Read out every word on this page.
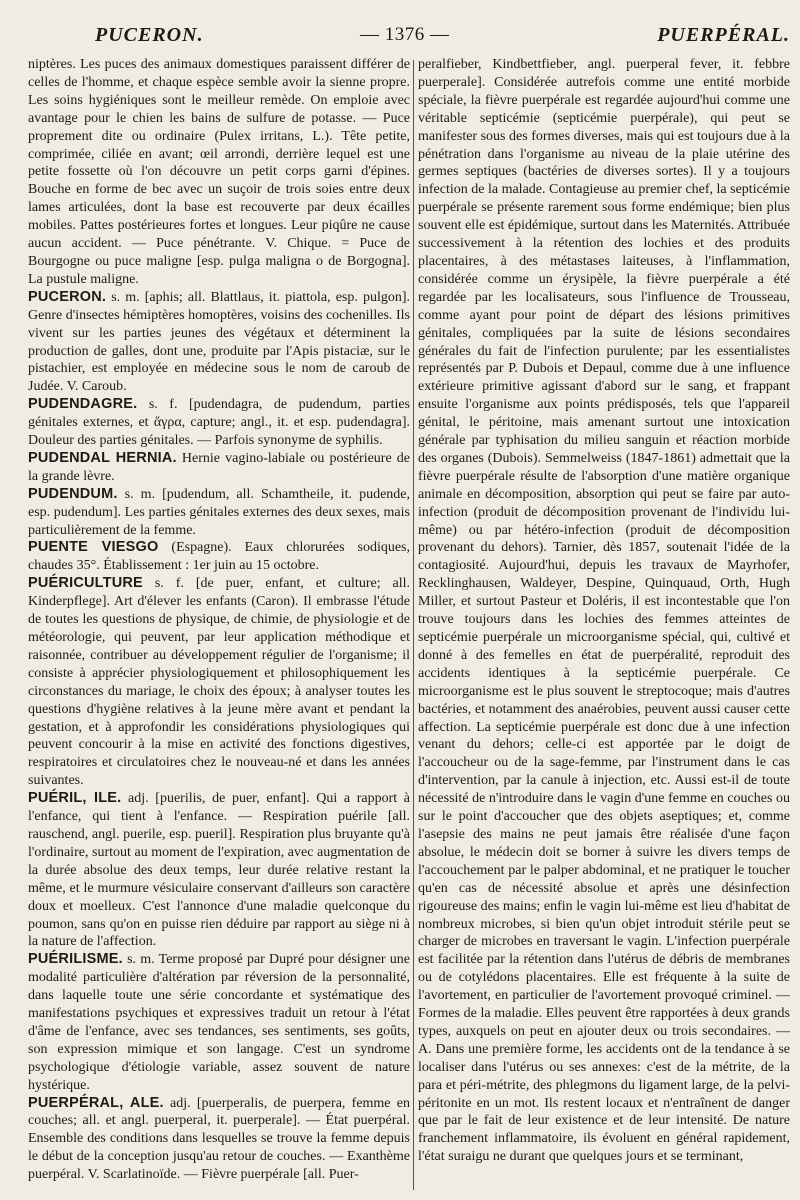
PUCERON.	— 1376 —	PUERPÉRAL.

niptères. Les puces des animaux domestiques paraissent différer de celles de l'homme, et chaque espèce semble avoir la sienne propre. Les soins hygiéniques sont le meilleur remède. On emploie avec avantage pour le chien les bains de sulfure de potasse. — Puce proprement dite ou ordinaire (Pulex irritans, L.). Tête petite, comprimée, ciliée en avant; œil arrondi, derrière lequel est une petite fossette où l'on découvre un petit corps garni d'épines. Bouche en forme de bec avec un suçoir de trois soies entre deux lames articulées, dont la base est recouverte par deux écailles mobiles. Pattes postérieures fortes et longues. Leur piqûre ne cause aucun accident. — Puce pénétrante. V. Chique. = Puce de Bourgogne ou puce maligne [esp. pulga maligna o de Borgogna]. La pustule maligne.

PUCERON. s. m. [aphis; all. Blattlaus, it. piattola, esp. pulgon]. Genre d'insectes hémiptères homoptères, voisins des cochenilles. Ils vivent sur les parties jeunes des végétaux et déterminent la production de galles, dont une, produite par l'Apis pistaciæ, sur le pistachier, est employée en médecine sous le nom de caroub de Judée. V. Caroub.

PUDENDAGRE. s. f. [pudendagra, de pudendum, parties génitales externes, et ἄγρα, capture; angl., it. et esp. pudendagra]. Douleur des parties génitales. — Parfois synonyme de syphilis.

PUDENDAL HERNIA. Hernie vagino-labiale ou postérieure de la grande lèvre.

PUDENDUM. s. m. [pudendum, all. Schamtheile, it. pudende, esp. pudendum]. Les parties génitales externes des deux sexes, mais particulièrement de la femme.

PUENTE VIESGO (Espagne). Eaux chlorurées sodiques, chaudes 35°. Établissement : 1er juin au 15 octobre.

PUÉRICULTURE s. f. [de puer, enfant, et culture; all. Kinderpflege]. Art d'élever les enfants (Caron). Il embrasse l'étude de toutes les questions de physique, de chimie, de physiologie et de météorologie, qui peuvent, par leur application méthodique et raisonnée, contribuer au développement régulier de l'organisme; il consiste à apprécier physiologiquement et philosophiquement les circonstances du mariage, le choix des époux; à analyser toutes les questions d'hygiène relatives à la jeune mère avant et pendant la gestation, et à approfondir les considérations physiologiques qui peuvent concourir à la mise en activité des fonctions digestives, respiratoires et circulatoires chez le nouveau-né et dans les années suivantes.

PUÉRIL, ILE. adj. [puerilis, de puer, enfant]. Qui a rapport à l'enfance, qui tient à l'enfance. — Respiration puérile [all. rauschend, angl. puerile, esp. pueril]. Respiration plus bruyante qu'à l'ordinaire, surtout au moment de l'expiration, avec augmentation de la durée absolue des deux temps, leur durée relative restant la même, et le murmure vésiculaire conservant d'ailleurs son caractère doux et moelleux. C'est l'annonce d'une maladie quelconque du poumon, sans qu'on en puisse rien déduire par rapport au siège ni à la nature de l'affection.

PUÉRILISME. s. m. Terme proposé par Dupré pour désigner une modalité particulière d'altération par réversion de la personnalité, dans laquelle toute une série concordante et systématique des manifestations psychiques et expressives traduit un retour à l'état d'âme de l'enfance, avec ses tendances, ses sentiments, ses goûts, son expression mimique et son langage. C'est un syndrome psychologique d'étiologie variable, assez souvent de nature hystérique.

PUERPÉRAL, ALE. adj. [puerperalis, de puerpera, femme en couches; all. et angl. puerperal, it. puerperale]. — État puerpéral. Ensemble des conditions dans lesquelles se trouve la femme depuis le début de la conception jusqu'au retour de couches. — Exanthème puerpéral. V. Scarlatinoïde. — Fièvre puerpérale [all. Puer-

peralfieber, Kindbettfieber, angl. puerperal fever, it. febbre puerperale]. Considérée autrefois comme une entité morbide spéciale, la fièvre puerpérale est regardée aujourd'hui comme une véritable septicémie (septicémie puerpérale), qui peut se manifester sous des formes diverses, mais qui est toujours due à la pénétration dans l'organisme au niveau de la plaie utérine des germes septiques (bactéries de diverses sortes). Il y a toujours infection de la malade. Contagieuse au premier chef, la septicémie puerpérale se présente rarement sous forme endémique; bien plus souvent elle est épidémique, surtout dans les Maternités. Attribuée successivement à la rétention des lochies et des produits placentaires, à des métastases laiteuses, à l'inflammation, considérée comme un érysipèle, la fièvre puerpérale a été regardée par les localisateurs, sous l'influence de Trousseau, comme ayant pour point de départ des lésions primitives génitales, compliquées par la suite de lésions secondaires générales du fait de l'infection purulente; par les essentialistes représentés par P. Dubois et Depaul, comme due à une influence extérieure primitive agissant d'abord sur le sang, et frappant ensuite l'organisme aux points prédisposés, tels que l'appareil génital, le péritoine, mais amenant surtout une intoxication générale par typhisation du milieu sanguin et réaction morbide des organes (Dubois). Semmelweiss (1847-1861) admettait que la fièvre puerpérale résulte de l'absorption d'une matière organique animale en décomposition, absorption qui peut se faire par auto-infection (produit de décomposition provenant de l'individu lui-même) ou par hétéro-infection (produit de décomposition provenant du dehors). Tarnier, dès 1857, soutenait l'idée de la contagiosité. Aujourd'hui, depuis les travaux de Mayrhofer, Recklinghausen, Waldeyer, Despine, Quinquaud, Orth, Hugh Miller, et surtout Pasteur et Doléris, il est incontestable que l'on trouve toujours dans les lochies des femmes atteintes de septicémie puerpérale un microorganisme spécial, qui, cultivé et donné à des femelles en état de puerpéralité, reproduit des accidents identiques à la septicémie puerpérale. Ce microorganisme est le plus souvent le streptocoque; mais d'autres bactéries, et notamment des anaérobies, peuvent aussi causer cette affection. La septicémie puerpérale est donc due à une infection venant du dehors; celle-ci est apportée par le doigt de l'accoucheur ou de la sage-femme, par l'instrument dans le cas d'intervention, par la canule à injection, etc. Aussi est-il de toute nécessité de n'introduire dans le vagin d'une femme en couches ou sur le point d'accoucher que des objets aseptiques; et, comme l'asepsie des mains ne peut jamais être réalisée d'une façon absolue, le médecin doit se borner à suivre les divers temps de l'accouchement par le palper abdominal, et ne pratiquer le toucher qu'en cas de nécessité absolue et après une désinfection rigoureuse des mains; enfin le vagin lui-même est lieu d'habitat de nombreux microbes, si bien qu'un objet introduit stérile peut se charger de microbes en traversant le vagin. L'infection puerpérale est facilitée par la rétention dans l'utérus de débris de membranes ou de cotylédons placentaires. Elle est fréquente à la suite de l'avortement, en particulier de l'avortement provoqué criminel. — Formes de la maladie. Elles peuvent être rapportées à deux grands types, auxquels on peut en ajouter deux ou trois secondaires. — A. Dans une première forme, les accidents ont de la tendance à se localiser dans l'utérus ou ses annexes: c'est de la métrite, de la para et péri-métrite, des phlegmons du ligament large, de la pelvi-péritonite en un mot. Ils restent locaux et n'entraînent de danger que par le fait de leur existence et de leur intensité. De nature franchement inflammatoire, ils évoluent en général rapidement, l'état suraigu ne durant que quelques jours et se terminant,
